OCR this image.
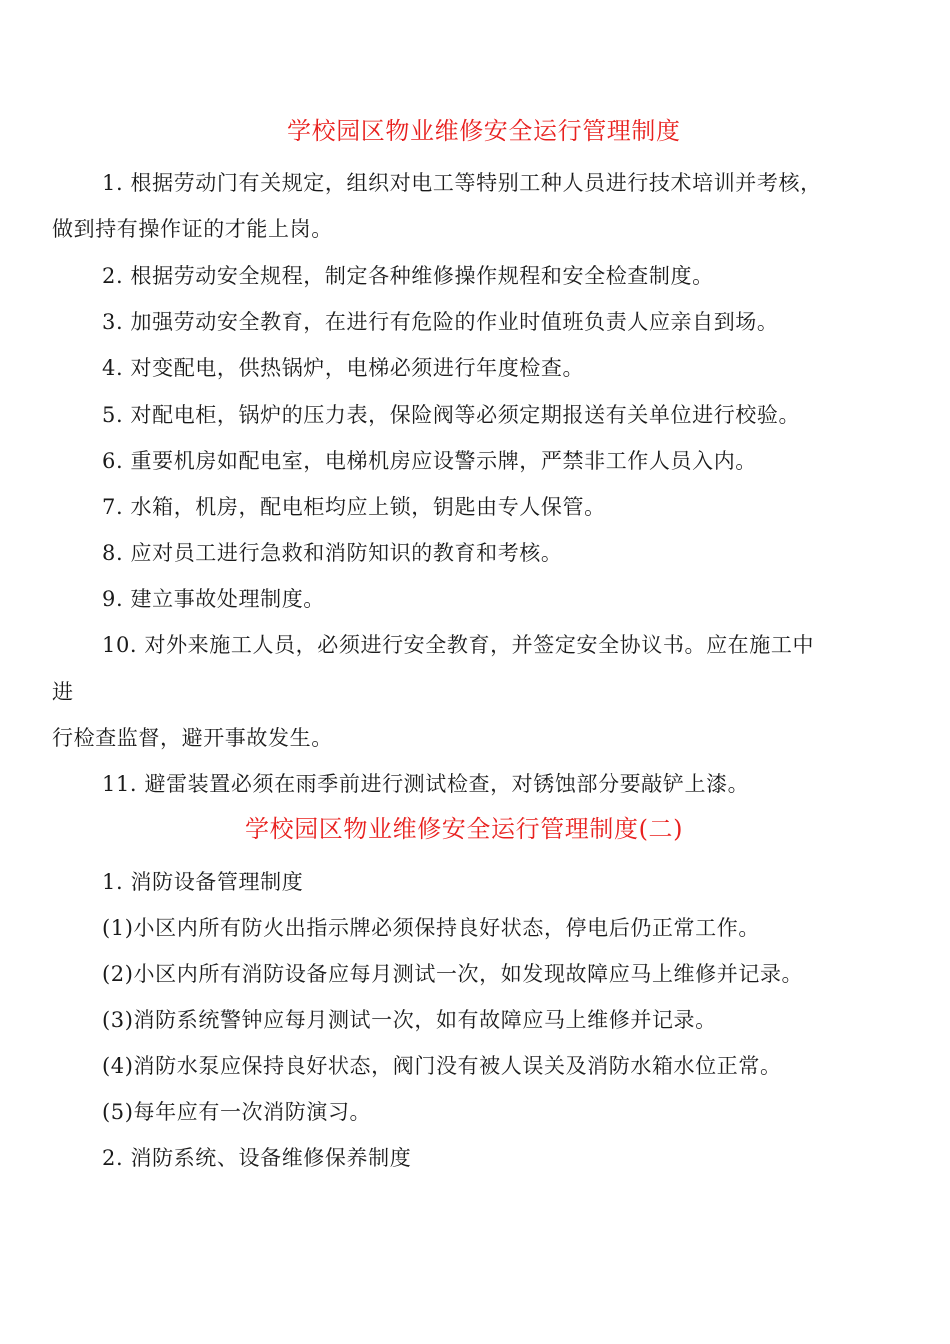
学校园区物业维修安全运行管理制度
1. 根据劳动门有关规定，组织对电工等特别工种人员进行技术培训并考核，
做到持有操作证的才能上岗。
2. 根据劳动安全规程，制定各种维修操作规程和安全检查制度。
3. 加强劳动安全教育，在进行有危险的作业时值班负责人应亲自到场。
4. 对变配电，供热锅炉，电梯必须进行年度检查。
5. 对配电柜，锅炉的压力表，保险阀等必须定期报送有关单位进行校验。
6. 重要机房如配电室，电梯机房应设警示牌，严禁非工作人员入内。
7. 水箱，机房，配电柜均应上锁，钥匙由专人保管。
8. 应对员工进行急救和消防知识的教育和考核。
9. 建立事故处理制度。
10. 对外来施工人员，必须进行安全教育，并签定安全协议书。应在施工中
进
行检查监督，避开事故发生。
11. 避雷装置必须在雨季前进行测试检查，对锈蚀部分要敲铲上漆。
学校园区物业维修安全运行管理制度(二)
1. 消防设备管理制度
(1)小区内所有防火出指示牌必须保持良好状态，停电后仍正常工作。
(2)小区内所有消防设备应每月测试一次，如发现故障应马上维修并记录。
(3)消防系统警钟应每月测试一次，如有故障应马上维修并记录。
(4)消防水泵应保持良好状态，阀门没有被人误关及消防水箱水位正常。
(5)每年应有一次消防演习。
2. 消防系统、设备维修保养制度
